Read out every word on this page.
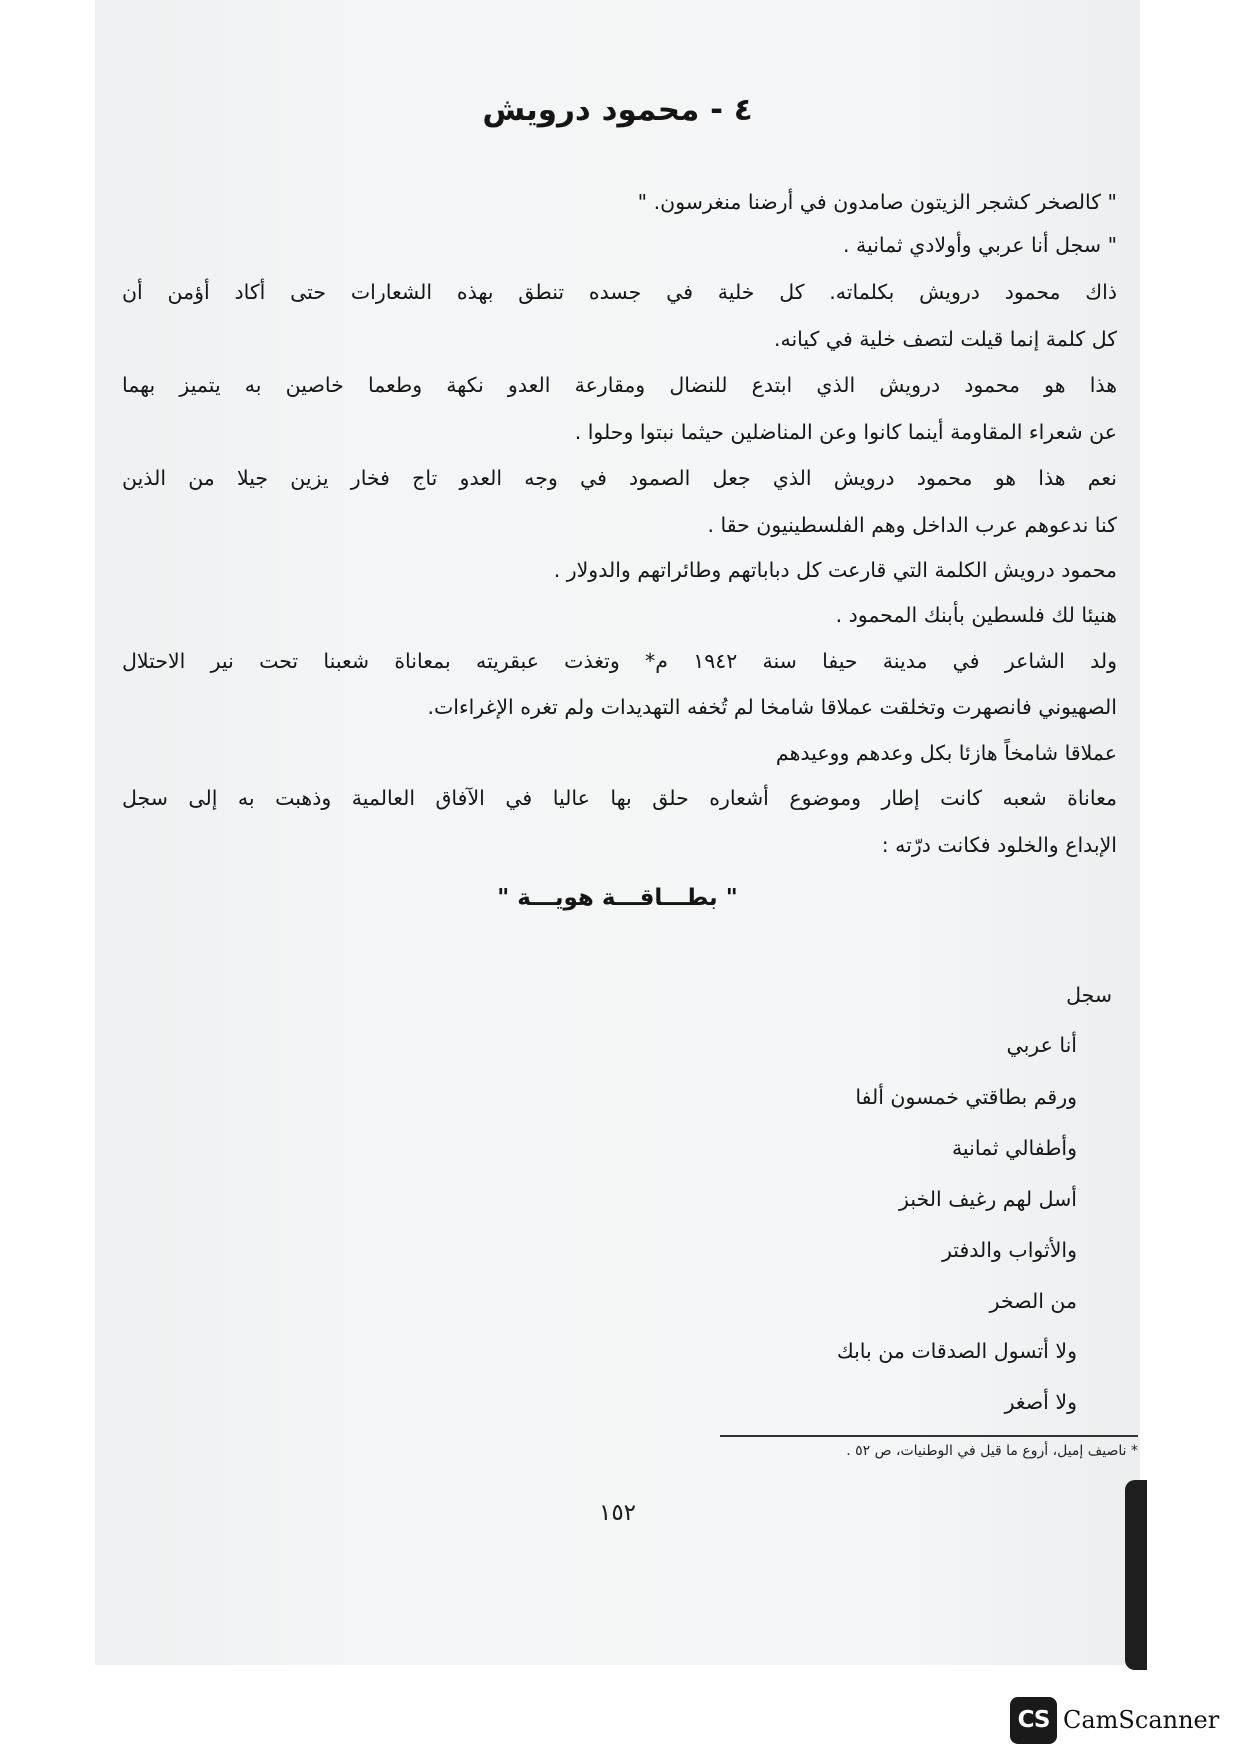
٤ - محمود درويش
" كالصخر كشجر الزيتون صامدون في أرضنا منغرسون. "
" سجل أنا عربي وأولادي ثمانية .
ذاك محمود درويش بكلماته. كل خلية في جسده تنطق بهذه الشعارات حتى أكاد أؤمن أن
كل كلمة إنما قيلت لتصف خلية في كيانه.
هذا هو محمود درويش الذي ابتدع للنضال ومقارعة العدو نكهة وطعما خاصين به يتميز بهما
عن شعراء المقاومة أينما كانوا وعن المناضلين حيثما نبتوا وحلوا .
نعم هذا هو محمود درويش الذي جعل الصمود في وجه العدو تاج فخار يزين جيلا من الذين
كنا ندعوهم عرب الداخل وهم الفلسطينيون حقا .
محمود درويش الكلمة التي قارعت كل دباباتهم وطائراتهم والدولار .
هنيئا لك فلسطين بأبنك المحمود .
ولد الشاعر في مدينة حيفا سنة ١٩٤٢ م* وتغذت عبقريته بمعاناة شعبنا تحت نير الاحتلال
الصهيوني فانصهرت وتخلقت عملاقا شامخا لم تُخفه التهديدات ولم تغره الإغراءات.
عملاقا شامخاً هازئا بكل وعدهم ووعيدهم
معاناة شعبه كانت إطار وموضوع أشعاره حلق بها عاليا في الآفاق العالمية وذهبت به إلى سجل
الإبداع والخلود فكانت درّته :
" بطـــاقـــة هويـــة "
سجل
أنا عربي
ورقم بطاقتي خمسون ألفا
وأطفالي ثمانية
أسل لهم رغيف الخبز
والأثواب والدفتر
من الصخر
ولا أتسول الصدقات من بابك
ولا أصغر
* ناصيف إميل، أروع ما قيل في الوطنيات، ص ٥٢ .
١٥٢
CS CamScanner
